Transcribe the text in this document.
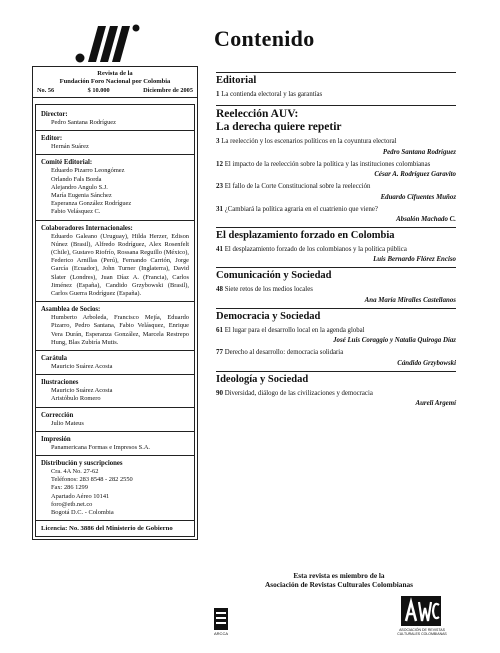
Contenido
Revista de la
Fundación Foro Nacional por Colombia
No. 56	$ 10.000	Diciembre de 2005
Director:
Pedro Santana Rodríguez
Editor:
Hernán Suárez
Comité Editorial:
Eduardo Pizarro Leongómez
Orlando Fals Borda
Alejandro Angulo S.J.
María Eugenia Sánchez
Esperanza González Rodríguez
Fabio Velásquez C.
Colaboradores Internacionales:
Eduardo Galeano (Uruguay), Hilda Herzer, Edison Núnez (Brasil), Alfredo Rodríguez, Alex Rosenfelt (Chile), Gustavo Riofrío, Rossana Reguillo (México), Federico Arnillas (Perú), Fernando Carrión, Jorge García (Ecuador), John Turner (Inglaterra), David Slater (Londres), Juan Díaz A. (Francia), Carlos Jiménez (España), Candido Grzybowski (Brasil), Carlos Guerra Rodríguez (España).
Asamblea de Socios:
Humberto Arboleda, Francisco Mejía, Eduardo Pizarro, Pedro Santana, Fabio Velásquez, Enrique Vera Durán, Esperanza González, Marcela Restrepo Hung, Blas Zubiría Mutis.
Carátula
Mauricio Suárez Acosta
Ilustraciones
Mauricio Suárez Acosta
Aristóbulo Romero
Corrección
Julio Mateus
Impresión
Panamericana Formas e Impresos S.A.
Distribución y suscripciones
Cra. 4A No. 27-62
Teléfonos: 283 8548 - 282 2550
Fax: 286 1299
Apartado Aéreo 10141
foro@etb.net.co
Bogotá D.C. - Colombia
Licencia: No. 3886 del Ministerio de Gobierno
Editorial
1 La contienda electoral y las garantías
Reelección AUV:
La derecha quiere repetir
3 La reelección y los escenarios políticos en la coyuntura electoral
Pedro Santana Rodríguez
12 El impacto de la reelección sobre la política y las instituciones colombianas
César A. Rodríguez Garavito
23 El fallo de la Corte Constitucional sobre la reelección
Eduardo Cifuentes Muñoz
31 ¿Cambiará la política agraria en el cuatrienio que viene?
Absalón Machado C.
El desplazamiento forzado en Colombia
41 El desplazamiento forzado de los colombianos y la política pública
Luis Bernardo Flórez Enciso
Comunicación y Sociedad
48 Siete retos de los medios locales
Ana María Miralles Castellanos
Democracia y Sociedad
61 El lugar para el desarrollo local en la agenda global
José Luis Coraggio y Natalia Quiroga Díaz
77 Derecho al desarrollo: democracia solidaria
Cándido Grzybowski
Ideología y Sociedad
90 Diversidad, diálogo de las civilizaciones y democracia
Aureli Argemí
Esta revista es miembro de la
Asociación de Revistas Culturales Colombianas
ARCCA
ASOCIACIÓN DE REVISTAS CULTURALES COLOMBIANAS
